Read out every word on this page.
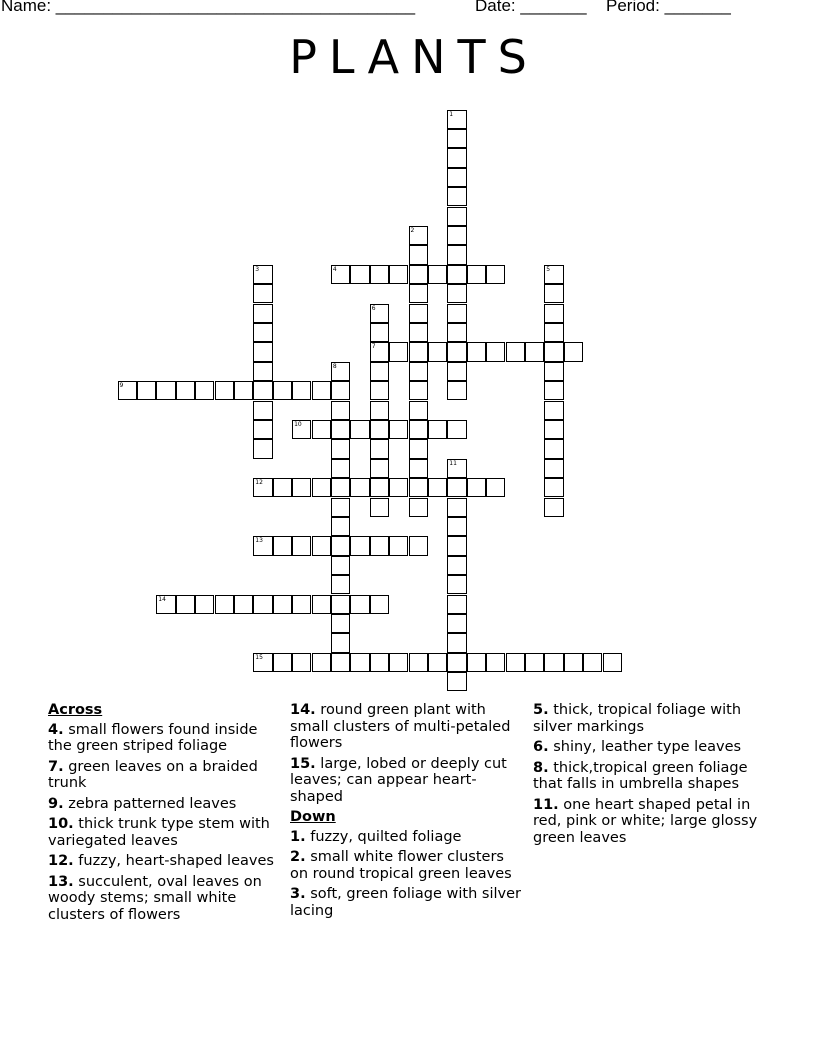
Name: ______________________________________	Date: _______ Period: _______
PLANTS
1
2
3	4	5
6
7
8
9
10
11
12
13
14
15
Across
4. small flowers found inside the green striped foliage
7. green leaves on a braided trunk
9. zebra patterned leaves
10. thick trunk type stem with variegated leaves
12. fuzzy, heart-shaped leaves
13. succulent, oval leaves on woody stems; small white clusters of flowers
14. round green plant with small clusters of multi-petaled flowers
15. large, lobed or deeply cut leaves; can appear heart-shaped
Down
1. fuzzy, quilted foliage
2. small white flower clusters on round tropical green leaves
3. soft, green foliage with silver lacing
5. thick, tropical foliage with silver markings
6. shiny, leather type leaves
8. thick,tropical green foliage that falls in umbrella shapes
11. one heart shaped petal in red, pink or white; large glossy green leaves
